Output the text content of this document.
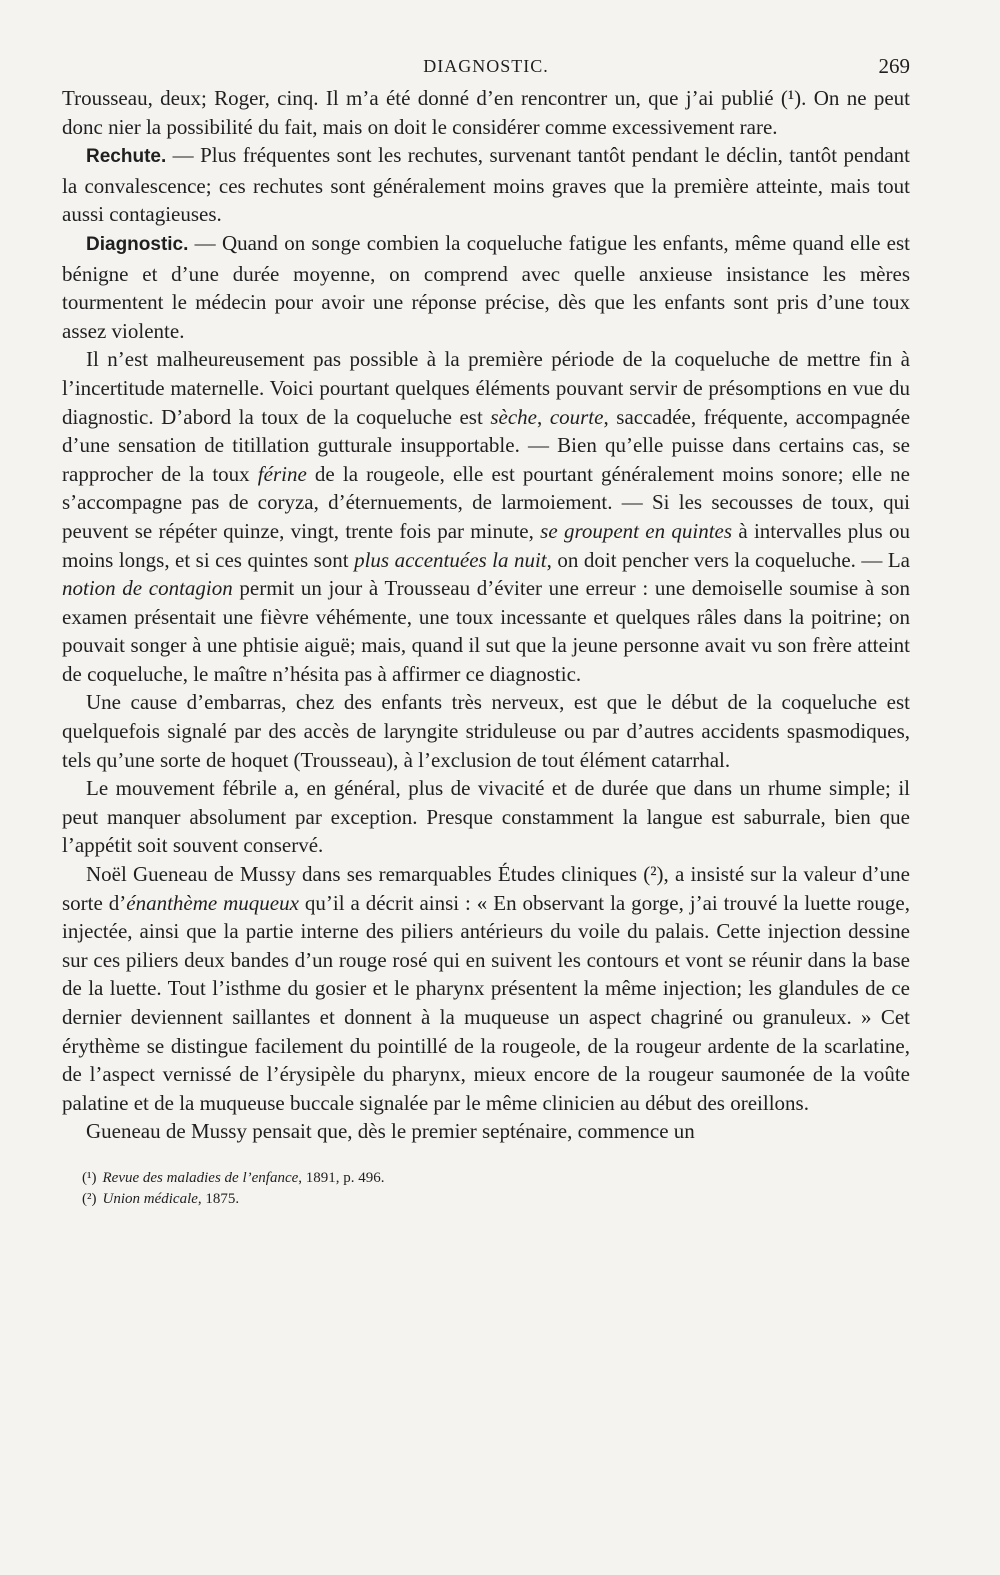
DIAGNOSTIC.	269

Trousseau, deux; Roger, cinq. Il m’a été donné d’en rencontrer un, que j’ai publié (¹). On ne peut donc nier la possibilité du fait, mais on doit le considérer comme excessivement rare.

Rechute. — Plus fréquentes sont les rechutes, survenant tantôt pendant le déclin, tantôt pendant la convalescence; ces rechutes sont généralement moins graves que la première atteinte, mais tout aussi contagieuses.

Diagnostic. — Quand on songe combien la coqueluche fatigue les enfants, même quand elle est bénigne et d’une durée moyenne, on comprend avec quelle anxieuse insistance les mères tourmentent le médecin pour avoir une réponse précise, dès que les enfants sont pris d’une toux assez violente.

Il n’est malheureusement pas possible à la première période de la coqueluche de mettre fin à l’incertitude maternelle. Voici pourtant quelques éléments pouvant servir de présomptions en vue du diagnostic. D’abord la toux de la coqueluche est sèche, courte, saccadée, fréquente, accompagnée d’une sensation de titillation gutturale insupportable. — Bien qu’elle puisse dans certains cas, se rapprocher de la toux férine de la rougeole, elle est pourtant généralement moins sonore; elle ne s’accompagne pas de coryza, d’éternuements, de larmoiement. — Si les secousses de toux, qui peuvent se répéter quinze, vingt, trente fois par minute, se groupent en quintes à intervalles plus ou moins longs, et si ces quintes sont plus accentuées la nuit, on doit pencher vers la coqueluche. — La notion de contagion permit un jour à Trousseau d’éviter une erreur : une demoiselle soumise à son examen présentait une fièvre véhémente, une toux incessante et quelques râles dans la poitrine; on pouvait songer à une phtisie aiguë; mais, quand il sut que la jeune personne avait vu son frère atteint de coqueluche, le maître n’hésita pas à affirmer ce diagnostic.

Une cause d’embarras, chez des enfants très nerveux, est que le début de la coqueluche est quelquefois signalé par des accès de laryngite striduleuse ou par d’autres accidents spasmodiques, tels qu’une sorte de hoquet (Trousseau), à l’exclusion de tout élément catarrhal.

Le mouvement fébrile a, en général, plus de vivacité et de durée que dans un rhume simple; il peut manquer absolument par exception. Presque constamment la langue est saburrale, bien que l’appétit soit souvent conservé.

Noël Gueneau de Mussy dans ses remarquables Études cliniques (²), a insisté sur la valeur d’une sorte d’énanthème muqueux qu’il a décrit ainsi : « En observant la gorge, j’ai trouvé la luette rouge, injectée, ainsi que la partie interne des piliers antérieurs du voile du palais. Cette injection dessine sur ces piliers deux bandes d’un rouge rosé qui en suivent les contours et vont se réunir dans la base de la luette. Tout l’isthme du gosier et le pharynx présentent la même injection; les glandules de ce dernier deviennent saillantes et donnent à la muqueuse un aspect chagriné ou granuleux. » Cet érythème se distingue facilement du pointillé de la rougeole, de la rougeur ardente de la scarlatine, de l’aspect vernissé de l’érysipèle du pharynx, mieux encore de la rougeur saumonée de la voûte palatine et de la muqueuse buccale signalée par le même clinicien au début des oreillons.

Gueneau de Mussy pensait que, dès le premier septénaire, commence un

(¹) Revue des maladies de l’enfance, 1891, p. 496.

(²) Union médicale, 1875.
